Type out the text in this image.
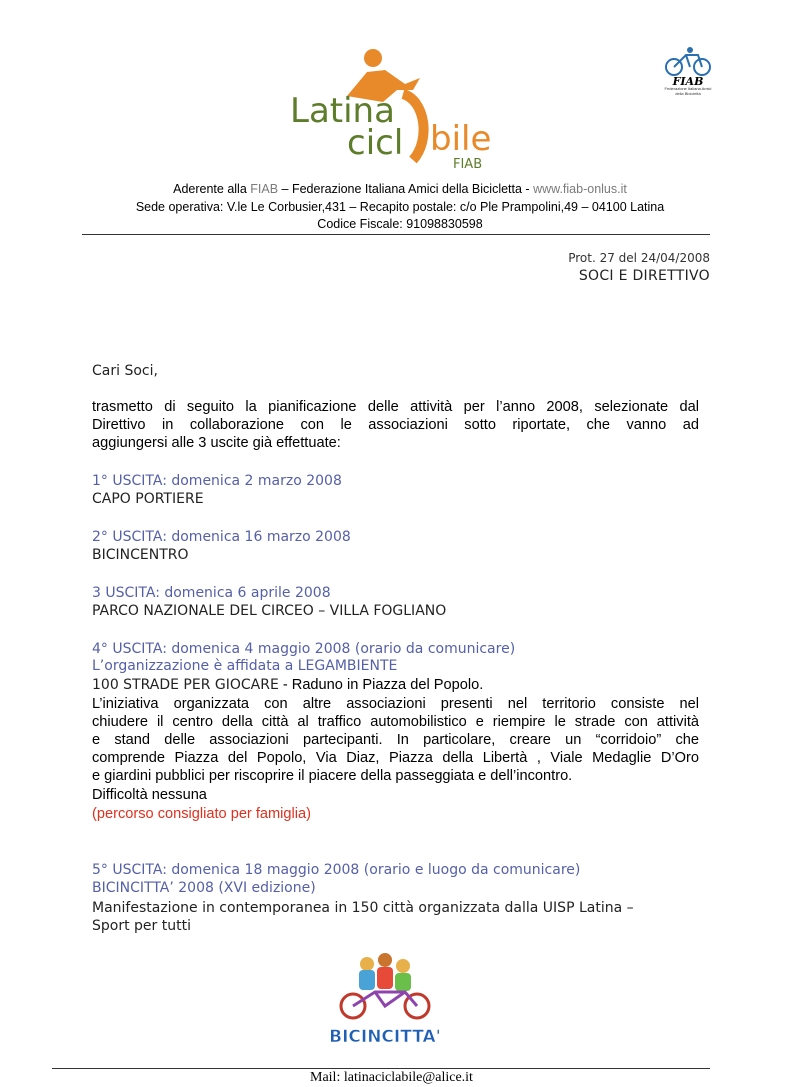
Latina
cicl bile
FIAB
FIAB
Federazione Italiana Amici della Bicicletta
Aderente alla FIAB – Federazione Italiana Amici della Bicicletta - www.fiab-onlus.it
Sede operativa: V.le Le Corbusier,431 – Recapito postale: c/o Ple Prampolini,49 – 04100 Latina
Codice Fiscale: 91098830598
Prot. 27 del 24/04/2008
SOCI E DIRETTIVO
Cari Soci,
trasmetto di seguito la pianificazione delle attività per l’anno 2008, selezionate dal
Direttivo in collaborazione con le associazioni sotto riportate, che vanno ad
aggiungersi alle 3 uscite già effettuate:
1° USCITA: domenica 2 marzo 2008
CAPO PORTIERE
2° USCITA: domenica 16 marzo 2008
BICINCENTRO
3 USCITA: domenica 6 aprile 2008
PARCO NAZIONALE DEL CIRCEO – VILLA FOGLIANO
4° USCITA: domenica 4 maggio 2008 (orario da comunicare)
L’organizzazione è affidata a LEGAMBIENTE
100 STRADE PER GIOCARE - Raduno in Piazza del Popolo.
L’iniziativa organizzata con altre associazioni presenti nel territorio consiste nel
chiudere il centro della città al traffico automobilistico e riempire le strade con attività
e stand delle associazioni partecipanti. In particolare, creare un “corridoio” che
comprende Piazza del Popolo, Via Diaz, Piazza della Libertà , Viale Medaglie D’Oro
e giardini pubblici per riscoprire il piacere della passeggiata e dell’incontro.
Difficoltà nessuna
(percorso consigliato per famiglia)
5° USCITA: domenica 18 maggio 2008 (orario e luogo da comunicare)
BICINCITTA’ 2008 (XVI edizione)
Manifestazione in contemporanea in 150 città organizzata dalla UISP Latina –
Sport per tutti
BICINCITTA'
Mail: latinaciclabile@alice.it
